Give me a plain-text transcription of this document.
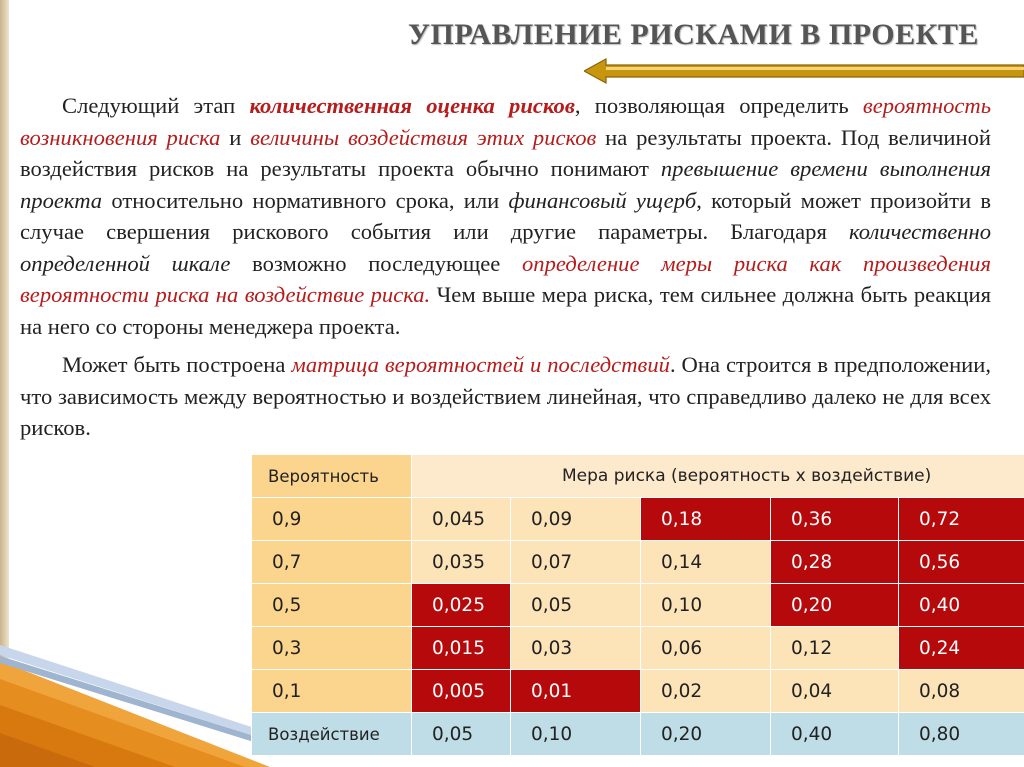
УПРАВЛЕНИЕ РИСКАМИ В ПРОЕКТЕ

Следующий этап количественная оценка рисков, позволяющая определить вероятность возникновения риска и величины воздействия этих рисков на результаты проекта. Под величиной воздействия рисков на результаты проекта обычно понимают превышение времени выполнения проекта относительно нормативного срока, или финансовый ущерб, который может произойти в случае свершения рискового события или другие параметры. Благодаря количественно определенной шкале возможно последующее определение меры риска как произведения вероятности риска на воздействие риска. Чем выше мера риска, тем сильнее должна быть реакция на него со стороны менеджера проекта.

Может быть построена матрица вероятностей и последствий. Она строится в предположении, что зависимость между вероятностью и воздействием линейная, что справедливо далеко не для всех рисков.

Вероятность	Мера риска (вероятность х воздействие)				
0,9	0,045	0,09	0,18	0,36	0,72
0,7	0,035	0,07	0,14	0,28	0,56
0,5	0,025	0,05	0,10	0,20	0,40
0,3	0,015	0,03	0,06	0,12	0,24
0,1	0,005	0,01	0,02	0,04	0,08
Воздействие	0,05	0,10	0,20	0,40	0,80
